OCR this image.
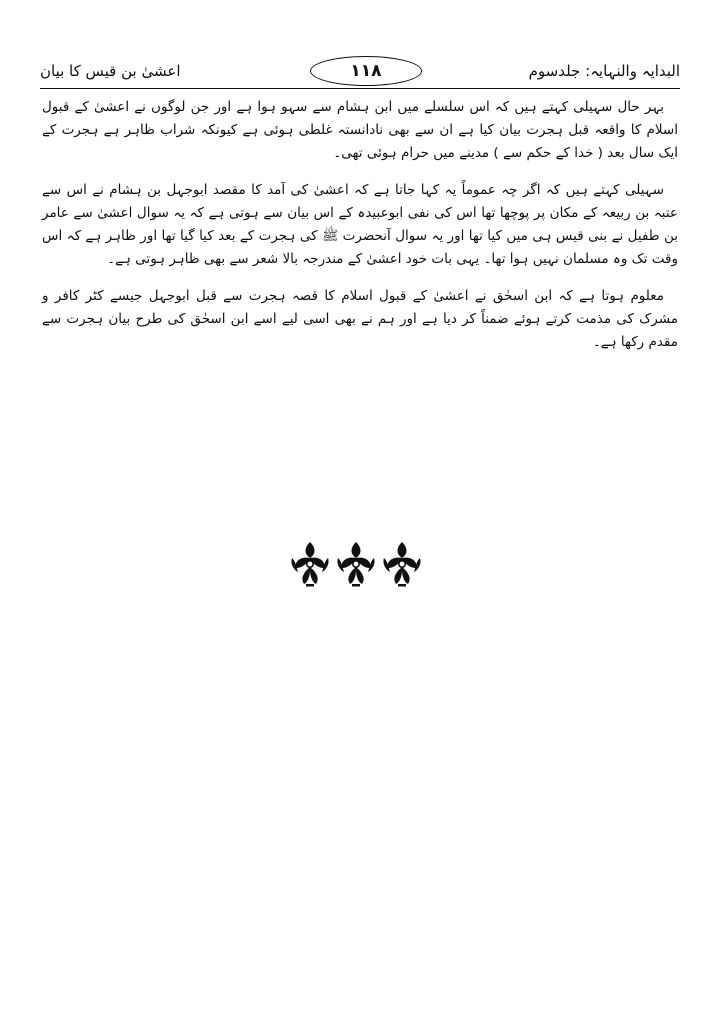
اعشیٰ بن قیس کا بیان	۱۱۸	البدایہ والنہایہ: جلدسوم

بہر حال سہیلی کہتے ہیں کہ اس سلسلے میں ابن ہشام سے سہو ہوا ہے اور جن لوگوں نے اعشیٰ کے قبول اسلام کا واقعہ قبل ہجرت بیان کیا ہے ان سے بھی نادانستہ غلطی ہوئی ہے کیونکہ شراب ظاہر ہے ہجرت کے ایک سال بعد ( خدا کے حکم سے ) مدینے میں حرام ہوئی تھی۔

سہیلی کہتے ہیں کہ اگر چہ عموماً یہ کہا جاتا ہے کہ اعشیٰ کی آمد کا مقصد ابوجہل بن ہشام نے اس سے عتبہ بن ربیعہ کے مکان پر پوچھا تھا اس کی نفی ابوعبیدہ کے اس بیان سے ہوتی ہے کہ یہ سوال اعشیٰ سے عامر بن طفیل نے بنی قیس ہی میں کیا تھا اور یہ سوال آنحضرت ﷺ کی ہجرت کے بعد کیا گیا تھا اور ظاہر ہے کہ اس وقت تک وہ مسلمان نہیں ہوا تھا۔ یہی بات خود اعشیٰ کے مندرجہ بالا شعر سے بھی ظاہر ہوتی ہے۔

معلوم ہوتا ہے کہ ابن اسحٰق نے اعشیٰ کے قبول اسلام کا قصہ ہجرت سے قبل ابوجہل جیسے کٹر کافر و مشرک کی مذمت کرتے ہوئے ضمناً کر دیا ہے اور ہم نے بھی اسی لیے اسے ابن اسحٰق کی طرح بیان ہجرت سے مقدم رکھا ہے۔
